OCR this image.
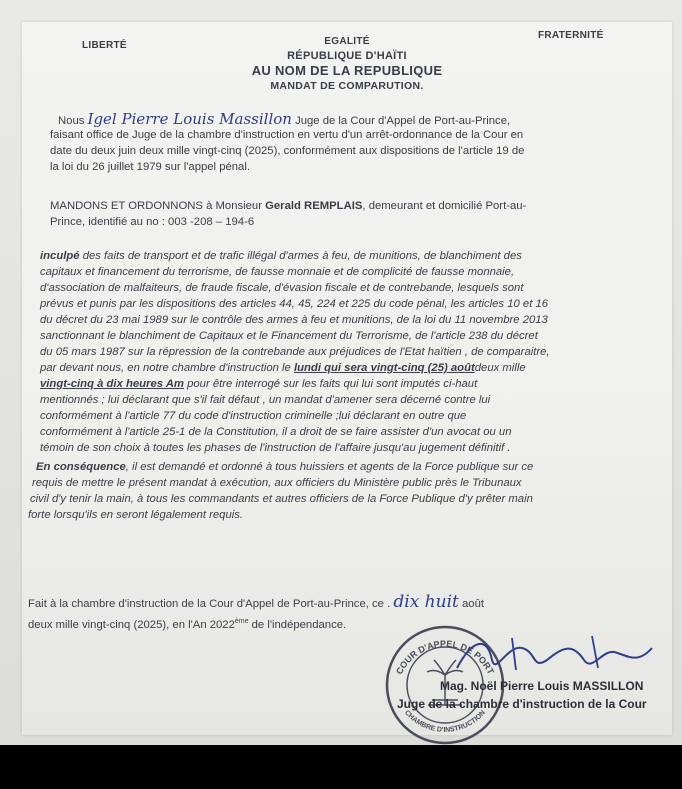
LIBERTÉ	EGALITÉ
FRATERNITÉ
RÉPUBLIQUE D'HAÏTI
AU NOM DE LA REPUBLIQUE
MANDAT DE COMPARUTION.
Nous Igel Pierre Louis Massillon Juge de la Cour d'Appel de Port-au-Prince,
faisant office de Juge de la chambre d'instruction en vertu d'un arrêt-ordonnance de la Cour en
date du deux juin deux mille vingt-cinq (2025), conformément aux dispositions de l'article 19 de
la loi du 26 juillet 1979 sur l'appel pénal.
MANDONS ET ORDONNONS à Monsieur Gerald REMPLAIS, demeurant et domicilié Port-au-
Prince, identifié au no : 003 -208 – 194-6
inculpé des faits de transport et de trafic illégal d'armes à feu, de munitions, de blanchiment des
capitaux et financement du terrorisme, de fausse monnaie et de complicité de fausse monnaie,
d'association de malfaiteurs, de fraude fiscale, d'évasion fiscale et de contrebande, lesquels sont
prévus et punis par les dispositions des articles 44, 45, 224 et 225 du code pénal, les articles 10 et 16
du décret du 23 mai 1989 sur le contrôle des armes à feu et munitions, de la loi du 11 novembre 2013
sanctionnant le blanchiment de Capitaux et le Financement du Terrorisme, de l'article 238 du décret
du 05 mars 1987 sur la répression de la contrebande aux préjudices de l'Etat haïtien , de comparaitre,
par devant nous, en notre chambre d'instruction le lundi qui sera vingt-cinq (25) aoûtdeux mille
vingt-cinq à dix heures Am pour être interrogé sur les faits qui lui sont imputés ci-haut
mentionnés ; lui déclarant que s'il fait défaut , un mandat d'amener sera décerné contre lui
conformément à l'article 77 du code d'instruction criminelle ;lui déclarant en outre que
conformément à l'article 25-1 de la Constitution, il a droit de se faire assister d'un avocat ou un
témoin de son choix à toutes les phases de l'instruction de l'affaire jusqu'au jugement définitif .
En conséquence, il est demandé et ordonné à tous huissiers et agents de la Force publique sur ce
requis de mettre le présent mandat à exécution, aux officiers du Ministère public près le Tribunaux
civil d'y tenir la main, à tous les commandants et autres officiers de la Force Publique d'y prêter main
forte lorsqu'ils en seront légalement requis.
Fait à la chambre d'instruction de la Cour d'Appel de Port-au-Prince, ce . dix huit août
deux mille vingt-cinq (2025), en l'An 2022ème de l'indépendance.
COUR D'APPEL DE PORT
CHAMBRE D'INSTRUCTION
Mag. Noël Pierre Louis MASSILLON
Juge de la chambre d'instruction de la Cour
